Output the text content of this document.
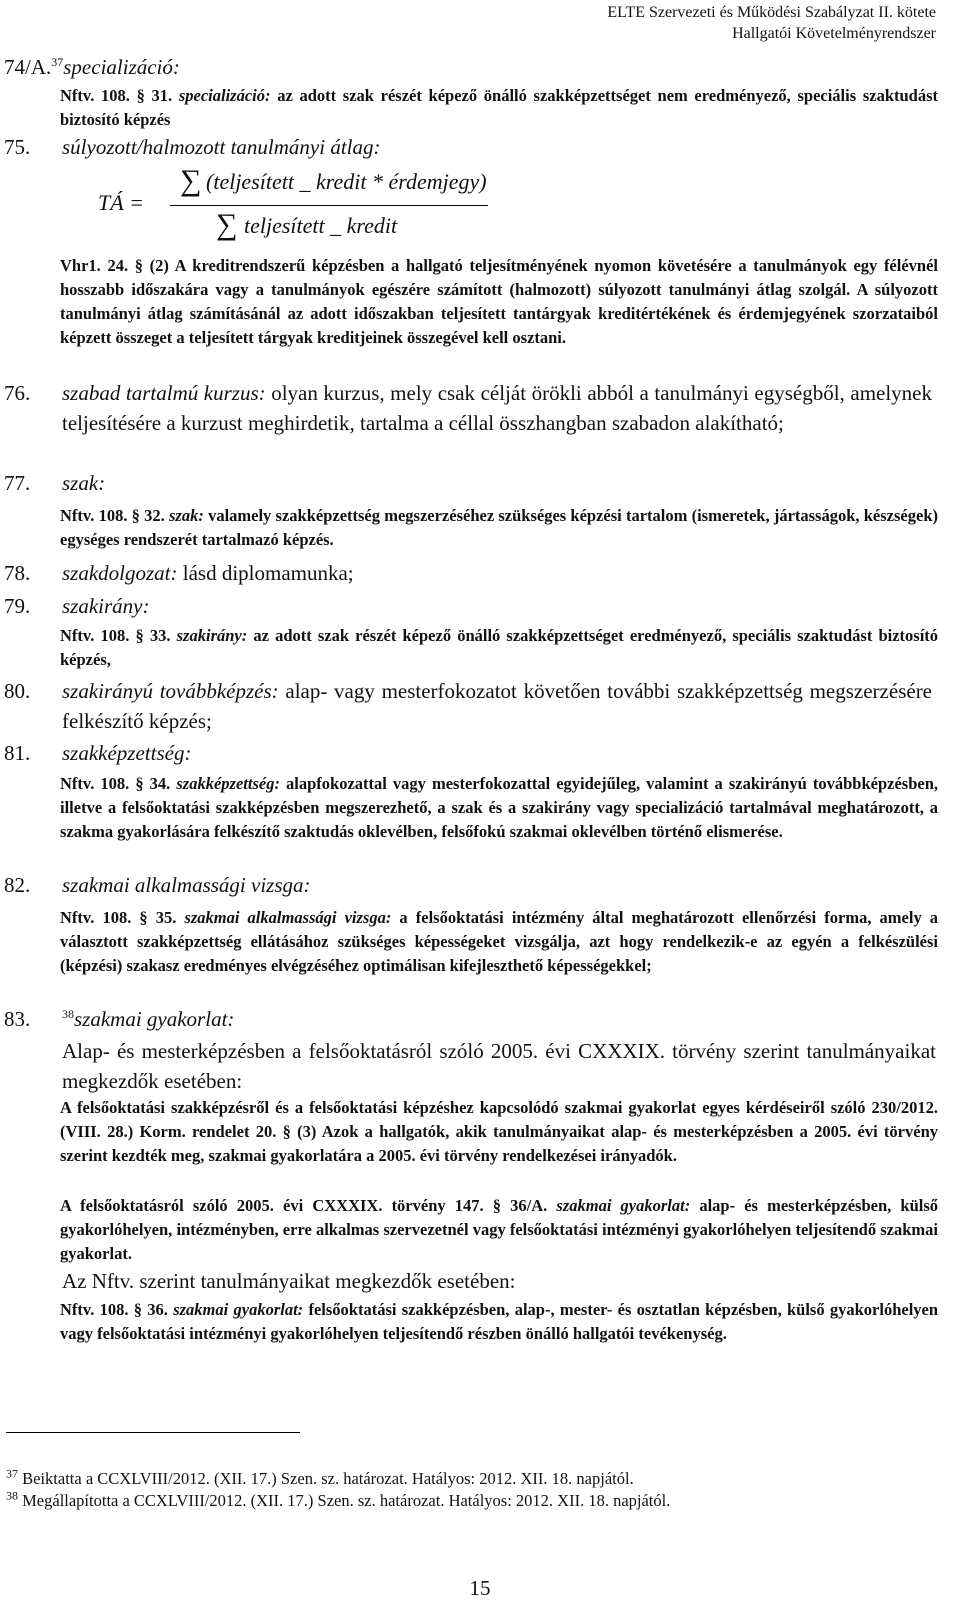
ELTE Szervezeti és Működési Szabályzat II. kötete
Hallgatói Követelményrendszer
74/A.$^{37}$specializáció:
Nftv. 108. § 31. specializáció: az adott szak részét képező önálló szakképzettséget nem eredményező, speciális szaktudást biztosító képzés
75. súlyozott/halmozott tanulmányi átlag:
TÁ =
∑ (teljesített _ kredit * érdemjegy)
∑ teljesített _ kredit
Vhr1. 24. § (2) A kreditrendszerű képzésben a hallgató teljesítményének nyomon követésére a tanulmányok egy félévnél hosszabb időszakára vagy a tanulmányok egészére számított (halmozott) súlyozott tanulmányi átlag szolgál. A súlyozott tanulmányi átlag számításánál az adott időszakban teljesített tantárgyak kreditértékének és érdemjegyének szorzataiból képzett összeget a teljesített tárgyak kreditjeinek összegével kell osztani.
76. szabad tartalmú kurzus: olyan kurzus, mely csak célját örökli abból a tanulmányi egységből, amelynek teljesítésére a kurzust meghirdetik, tartalma a céllal összhangban szabadon alakítható;
77. szak:
Nftv. 108. § 32. szak: valamely szakképzettség megszerzéséhez szükséges képzési tartalom (ismeretek, jártasságok, készségek) egységes rendszerét tartalmazó képzés.
78. szakdolgozat: lásd diplomamunka;
79. szakirány:
Nftv. 108. § 33. szakirány: az adott szak részét képező önálló szakképzettséget eredményező, speciális szaktudást biztosító képzés,
80. szakirányú továbbképzés: alap- vagy mesterfokozatot követően további szakképzettség megszerzésére felkészítő képzés;
81. szakképzettség:
Nftv. 108. § 34. szakképzettség: alapfokozattal vagy mesterfokozattal egyidejűleg, valamint a szakirányú továbbképzésben, illetve a felsőoktatási szakképzésben megszerezhető, a szak és a szakirány vagy specializáció tartalmával meghatározott, a szakma gyakorlására felkészítő szaktudás oklevélben, felsőfokú szakmai oklevélben történő elismerése.
82. szakmai alkalmassági vizsga:
Nftv. 108. § 35. szakmai alkalmassági vizsga: a felsőoktatási intézmény által meghatározott ellenőrzési forma, amely a választott szakképzettség ellátásához szükséges képességeket vizsgálja, azt hogy rendelkezik-e az egyén a felkészülési (képzési) szakasz eredményes elvégzéséhez optimálisan kifejleszthető képességekkel;
83.	$^{38}$szakmai gyakorlat:
Alap- és mesterképzésben a felsőoktatásról szóló 2005. évi CXXXIX. törvény szerint tanulmányaikat megkezdők esetében:
A felsőoktatási szakképzésről és a felsőoktatási képzéshez kapcsolódó szakmai gyakorlat egyes kérdéseiről szóló 230/2012. (VIII. 28.) Korm. rendelet 20. § (3) Azok a hallgatók, akik tanulmányaikat alap- és mesterképzésben a 2005. évi törvény szerint kezdték meg, szakmai gyakorlatára a 2005. évi törvény rendelkezései irányadók.
A felsőoktatásról szóló 2005. évi CXXXIX. törvény 147. § 36/A. szakmai gyakorlat: alap- és mesterképzésben, külső gyakorlóhelyen, intézményben, erre alkalmas szervezetnél vagy felsőoktatási intézményi gyakorlóhelyen teljesítendő szakmai gyakorlat.
Az Nftv. szerint tanulmányaikat megkezdők esetében:
Nftv. 108. § 36. szakmai gyakorlat: felsőoktatási szakképzésben, alap-, mester- és osztatlan képzésben, külső gyakorlóhelyen vagy felsőoktatási intézményi gyakorlóhelyen teljesítendő részben önálló hallgatói tevékenység.
$^{37}$ Beiktatta a CCXLVIII/2012. (XII. 17.) Szen. sz. határozat. Hatályos: 2012. XII. 18. napjától.
$^{38}$ Megállapította a CCXLVIII/2012. (XII. 17.) Szen. sz. határozat. Hatályos: 2012. XII. 18. napjától.
15
